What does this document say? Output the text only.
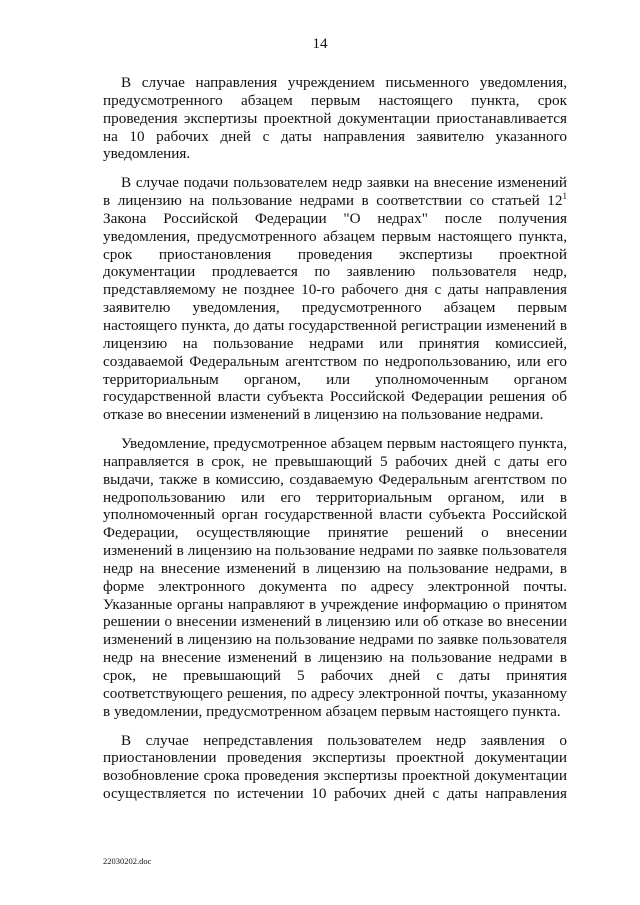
14

В случае направления учреждением письменного уведомления, предусмотренного абзацем первым настоящего пункта, срок проведения экспертизы проектной документации приостанавливается на 10 рабочих дней с даты направления заявителю указанного уведомления.

В случае подачи пользователем недр заявки на внесение изменений в лицензию на пользование недрами в соответствии со статьей $12^1$ Закона Российской Федерации "О недрах" после получения уведомления, предусмотренного абзацем первым настоящего пункта, срок приостановления проведения экспертизы проектной документации продлевается по заявлению пользователя недр, представляемому не позднее 10-го рабочего дня с даты направления заявителю уведомления, предусмотренного абзацем первым настоящего пункта, до даты государственной регистрации изменений в лицензию на пользование недрами или принятия комиссией, создаваемой Федеральным агентством по недропользованию, или его территориальным органом, или уполномоченным органом государственной власти субъекта Российской Федерации решения об отказе во внесении изменений в лицензию на пользование недрами.

Уведомление, предусмотренное абзацем первым настоящего пункта, направляется в срок, не превышающий 5 рабочих дней с даты его выдачи, также в комиссию, создаваемую Федеральным агентством по недропользованию или его территориальным органом, или в уполномоченный орган государственной власти субъекта Российской Федерации, осуществляющие принятие решений о внесении изменений в лицензию на пользование недрами по заявке пользователя недр на внесение изменений в лицензию на пользование недрами, в форме электронного документа по адресу электронной почты. Указанные органы направляют в учреждение информацию о принятом решении о внесении изменений в лицензию или об отказе во внесении изменений в лицензию на пользование недрами по заявке пользователя недр на внесение изменений в лицензию на пользование недрами в срок, не превышающий 5 рабочих дней с даты принятия соответствующего решения, по адресу электронной почты, указанному в уведомлении, предусмотренном абзацем первым настоящего пункта.

В случае непредставления пользователем недр заявления о приостановлении проведения экспертизы проектной документации возобновление срока проведения экспертизы проектной документации осуществляется по истечении 10 рабочих дней с даты направления

22030202.doc
